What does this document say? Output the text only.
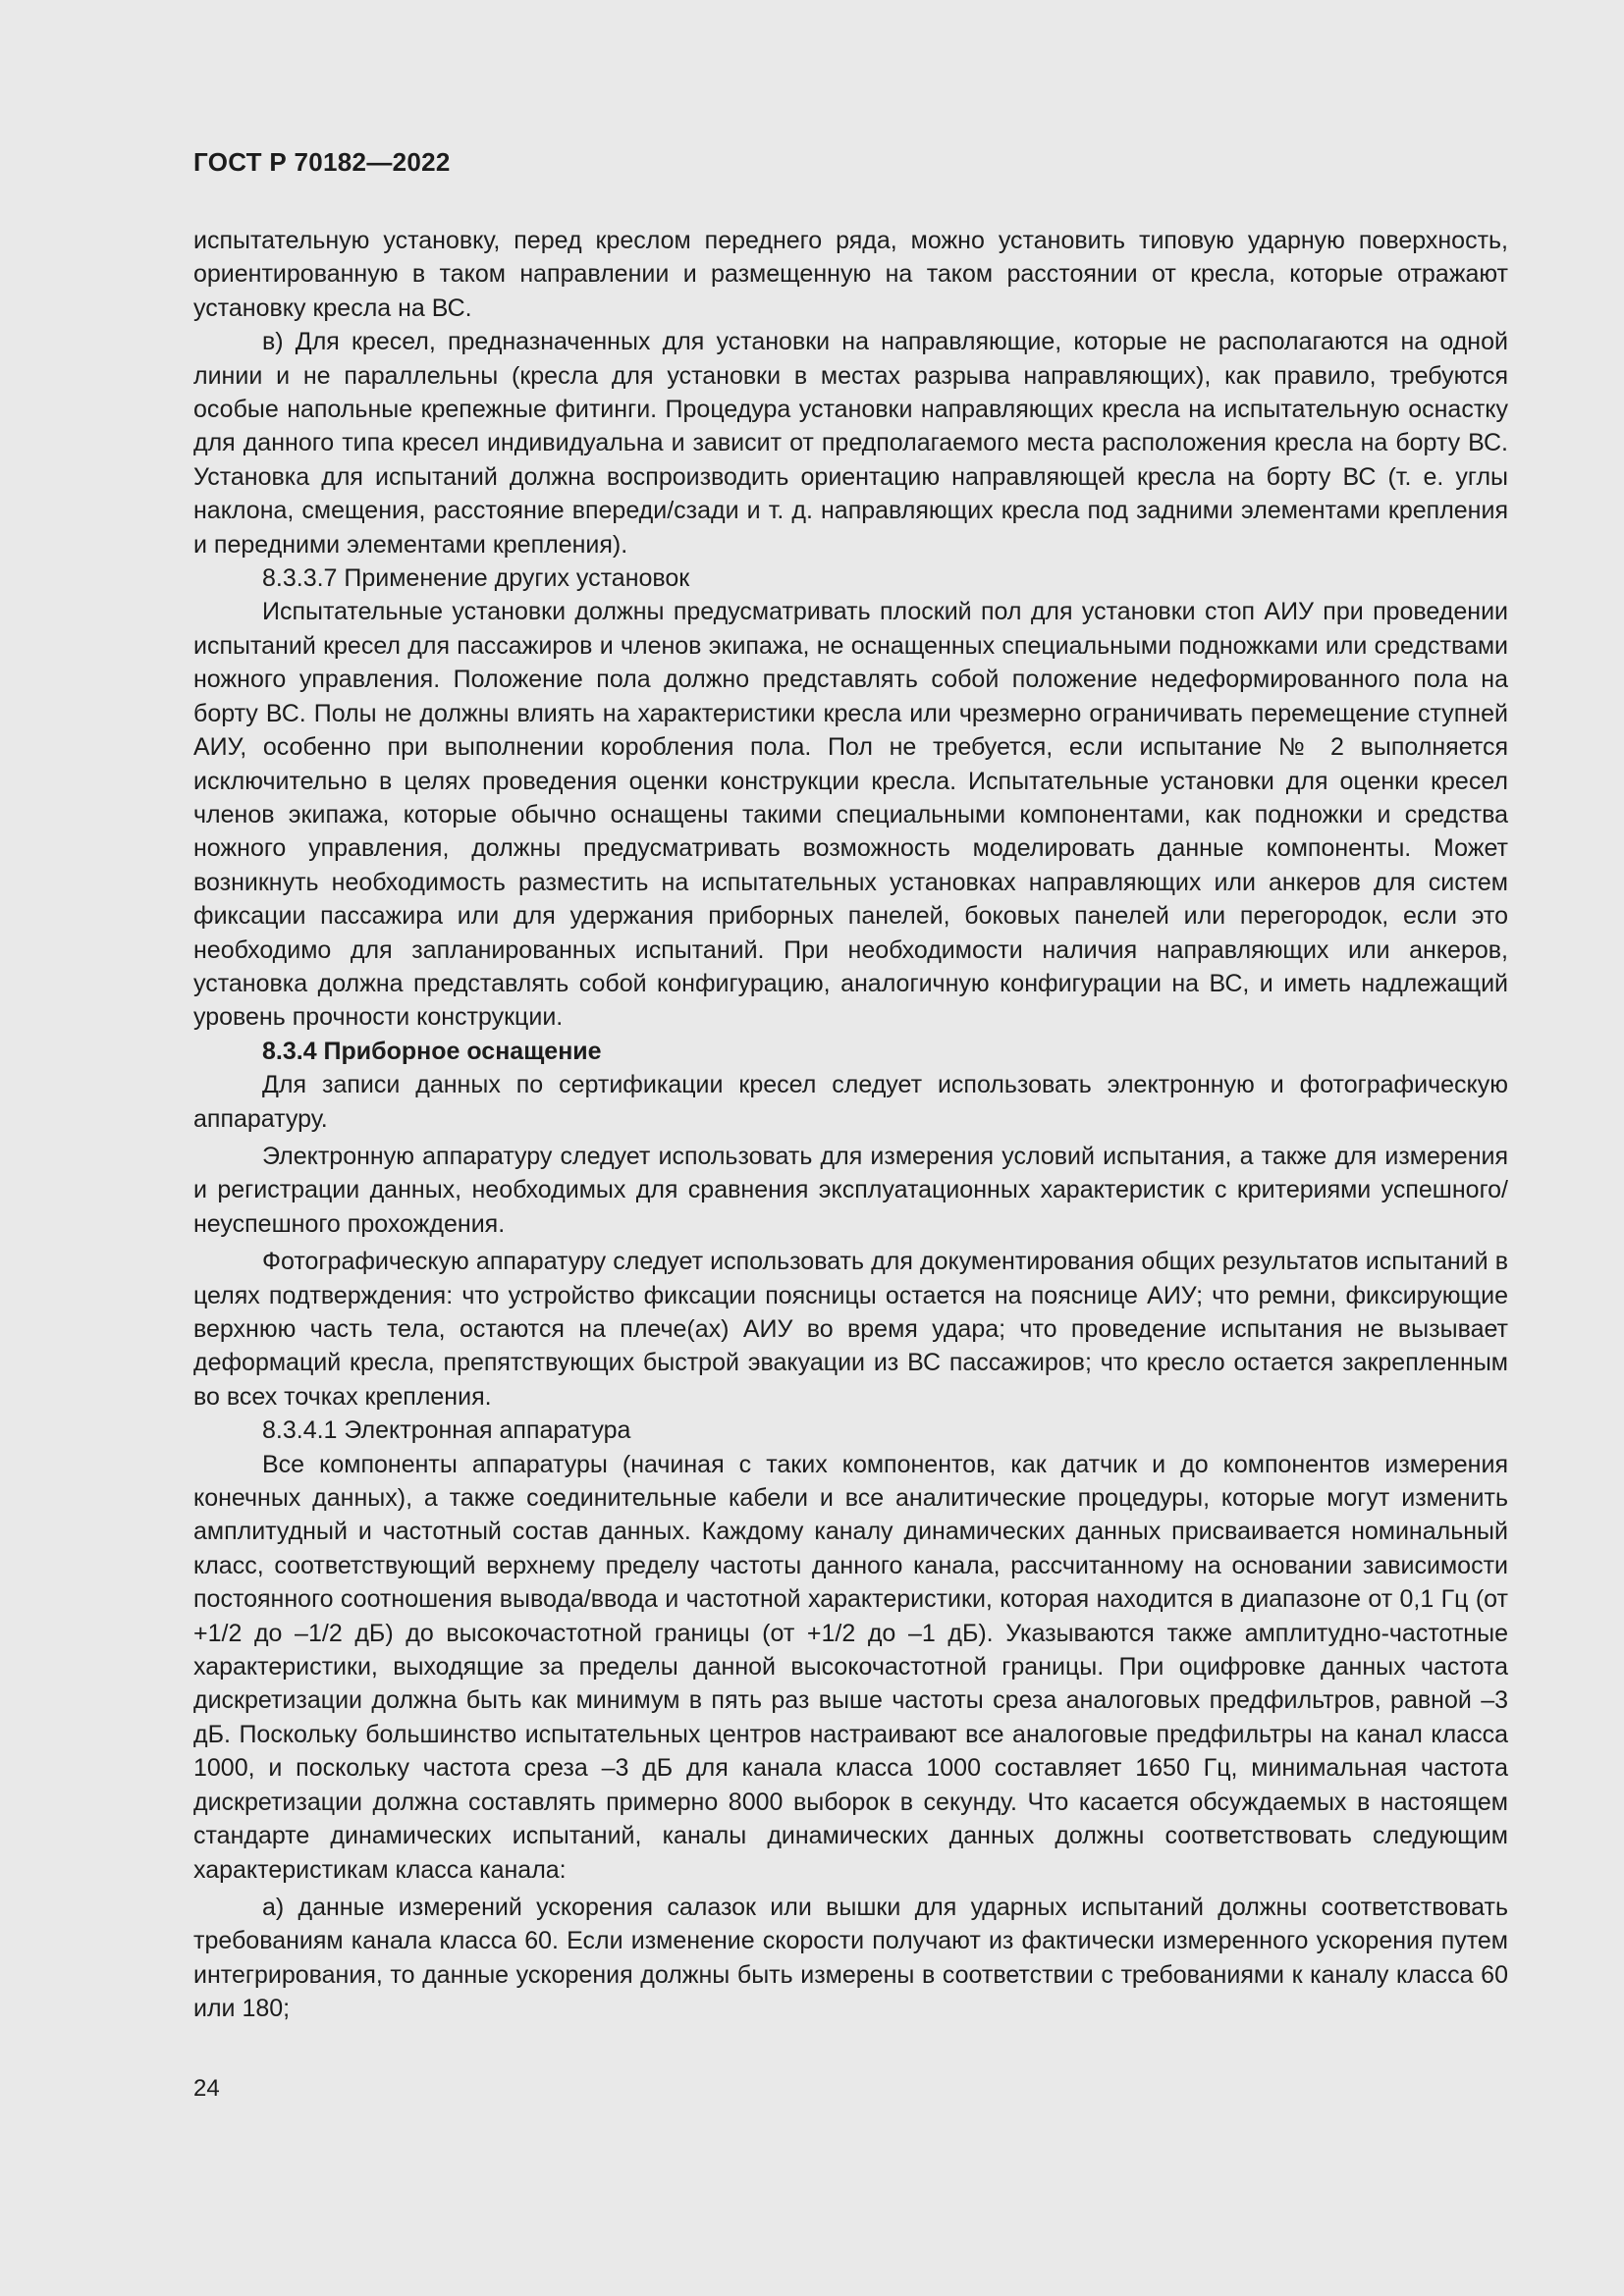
ГОСТ Р 70182—2022

испытательную установку, перед креслом переднего ряда, можно установить типовую ударную поверхность, ориентированную в таком направлении и размещенную на таком расстоянии от кресла, которые отражают установку кресла на ВС.

в) Для кресел, предназначенных для установки на направляющие, которые не располагаются на одной линии и не параллельны (кресла для установки в местах разрыва направляющих), как правило, требуются особые напольные крепежные фитинги. Процедура установки направляющих кресла на испытательную оснастку для данного типа кресел индивидуальна и зависит от предполагаемого места расположения кресла на борту ВС. Установка для испытаний должна воспроизводить ориентацию направляющей кресла на борту ВС (т. е. углы наклона, смещения, расстояние впереди/сзади и т. д. направляющих кресла под задними элементами крепления и передними элементами крепления).

8.3.3.7 Применение других установок

Испытательные установки должны предусматривать плоский пол для установки стоп АИУ при проведении испытаний кресел для пассажиров и членов экипажа, не оснащенных специальными подножками или средствами ножного управления. Положение пола должно представлять собой положение недеформированного пола на борту ВС. Полы не должны влиять на характеристики кресла или чрезмерно ограничивать перемещение ступней АИУ, особенно при выполнении коробления пола. Пол не требуется, если испытание № 2 выполняется исключительно в целях проведения оценки конструкции кресла. Испытательные установки для оценки кресел членов экипажа, которые обычно оснащены такими специальными компонентами, как подножки и средства ножного управления, должны предусматривать возможность моделировать данные компоненты. Может возникнуть необходимость разместить на испытательных установках направляющих или анкеров для систем фиксации пассажира или для удержания приборных панелей, боковых панелей или перегородок, если это необходимо для запланированных испытаний. При необходимости наличия направляющих или анкеров, установка должна представлять собой конфигурацию, аналогичную конфигурации на ВС, и иметь надлежащий уровень прочности конструкции.

8.3.4 Приборное оснащение

Для записи данных по сертификации кресел следует использовать электронную и фотографическую аппаратуру.

Электронную аппаратуру следует использовать для измерения условий испытания, а также для измерения и регистрации данных, необходимых для сравнения эксплуатационных характеристик с критериями успешного/неуспешного прохождения.

Фотографическую аппаратуру следует использовать для документирования общих результатов испытаний в целях подтверждения: что устройство фиксации поясницы остается на пояснице АИУ; что ремни, фиксирующие верхнюю часть тела, остаются на плече(ах) АИУ во время удара; что проведение испытания не вызывает деформаций кресла, препятствующих быстрой эвакуации из ВС пассажиров; что кресло остается закрепленным во всех точках крепления.

8.3.4.1 Электронная аппаратура

Все компоненты аппаратуры (начиная с таких компонентов, как датчик и до компонентов измерения конечных данных), а также соединительные кабели и все аналитические процедуры, которые могут изменить амплитудный и частотный состав данных. Каждому каналу динамических данных присваивается номинальный класс, соответствующий верхнему пределу частоты данного канала, рассчитанному на основании зависимости постоянного соотношения вывода/ввода и частотной характеристики, которая находится в диапазоне от 0,1 Гц (от +1/2 до –1/2 дБ) до высокочастотной границы (от +1/2 до –1 дБ). Указываются также амплитудно-частотные характеристики, выходящие за пределы данной высокочастотной границы. При оцифровке данных частота дискретизации должна быть как минимум в пять раз выше частоты среза аналоговых предфильтров, равной –3 дБ. Поскольку большинство испытательных центров настраивают все аналоговые предфильтры на канал класса 1000, и поскольку частота среза –3 дБ для канала класса 1000 составляет 1650 Гц, минимальная частота дискретизации должна составлять примерно 8000 выборок в секунду. Что касается обсуждаемых в настоящем стандарте динамических испытаний, каналы динамических данных должны соответствовать следующим характеристикам класса канала:

а) данные измерений ускорения салазок или вышки для ударных испытаний должны соответствовать требованиям канала класса 60. Если изменение скорости получают из фактически измеренного ускорения путем интегрирования, то данные ускорения должны быть измерены в соответствии с требованиями к каналу класса 60 или 180;

24
